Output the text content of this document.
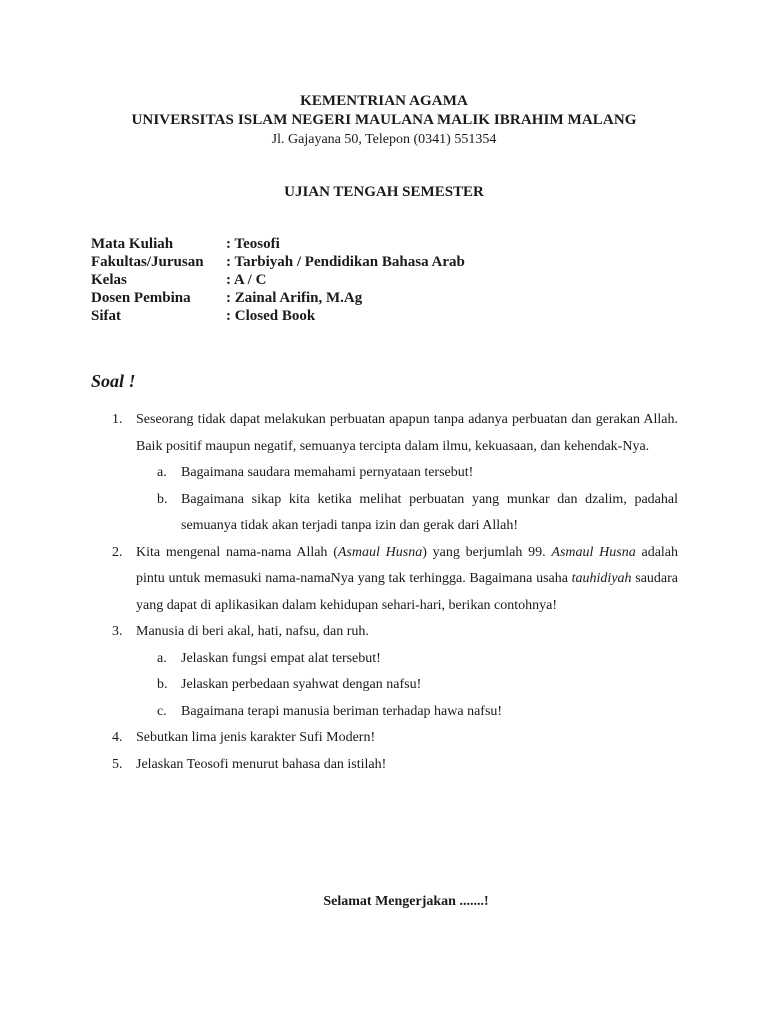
KEMENTRIAN AGAMA
UNIVERSITAS ISLAM NEGERI MAULANA MALIK IBRAHIM MALANG
Jl. Gajayana 50, Telepon (0341) 551354
UJIAN TENGAH SEMESTER
Mata Kuliah	: Teosofi
Fakultas/Jurusan	: Tarbiyah / Pendidikan Bahasa Arab
Kelas	: A / C
Dosen Pembina	: Zainal Arifin, M.Ag
Sifat	: Closed Book
Soal !
1. Seseorang tidak dapat melakukan perbuatan apapun tanpa adanya perbuatan dan gerakan Allah. Baik positif maupun negatif, semuanya tercipta dalam ilmu, kekuasaan, dan kehendak-Nya.
a.	Bagaimana saudara memahami pernyataan tersebut!
b. Bagaimana sikap kita ketika melihat perbuatan yang munkar dan dzalim, padahal semuanya tidak akan terjadi tanpa izin dan gerak dari Allah!
2. Kita mengenal nama-nama Allah (Asmaul Husna) yang berjumlah 99. Asmaul Husna adalah pintu untuk memasuki nama-namaNya yang tak terhingga. Bagaimana usaha tauhidiyah saudara yang dapat di aplikasikan dalam kehidupan sehari-hari, berikan contohnya!
3. Manusia di beri akal, hati, nafsu, dan ruh.
a.	Jelaskan fungsi empat alat tersebut!
b. Jelaskan perbedaan syahwat dengan nafsu!
c.	Bagaimana terapi manusia beriman terhadap hawa nafsu!
4. Sebutkan lima jenis karakter Sufi Modern!
5. Jelaskan Teosofi menurut bahasa dan istilah!
Selamat Mengerjakan .......!
